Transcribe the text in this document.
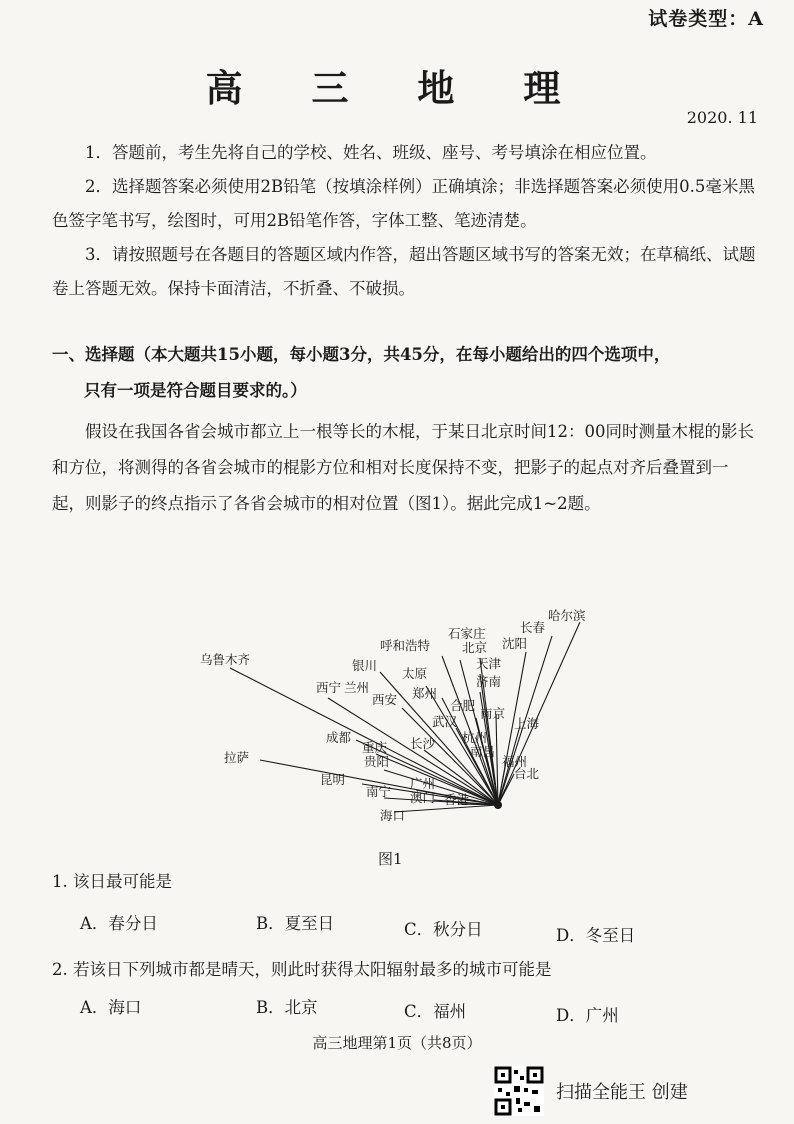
试卷类型：A
高 三 地 理
2020. 11
1．答题前，考生先将自己的学校、姓名、班级、座号、考号填涂在相应位置。
2．选择题答案必须使用2B铅笔（按填涂样例）正确填涂；非选择题答案必须使用0.5毫米黑色签字笔书写，绘图时，可用2B铅笔作答，字体工整、笔迹清楚。
3．请按照题号在各题目的答题区域内作答，超出答题区域书写的答案无效；在草稿纸、试题卷上答题无效。保持卡面清洁，不折叠、不破损。
一、选择题（本大题共15小题，每小题3分，共45分，在每小题给出的四个选项中，
只有一项是符合题目要求的。）
假设在我国各省会城市都立上一根等长的木棍，于某日北京时间12：00同时测量木棍的影长和方位，将测得的各省会城市的棍影方位和相对长度保持不变，把影子的起点对齐后叠置到一起，则影子的终点指示了各省会城市的相对位置（图1）。据此完成1~2题。
乌鲁木齐
哈尔滨
长春
沈阳
呼和浩特
石家庄
北京
天津
济南
银川
太原
郑州
西宁 兰州
西安
南京
合肥
上海
成都
武汉
杭州
拉萨
重庆 长沙
南昌
福州
贵阳
台北
昆明	广州
南宁 澳门 香港
海口
图1
1. 该日最可能是
A．春分日	B．夏至日	C．秋分日	D．冬至日
2. 若该日下列城市都是晴天，则此时获得太阳辐射最多的城市可能是
A．海口	B．北京	C．福州	D．广州
高三地理第1页（共8页）
扫描全能王 创建
